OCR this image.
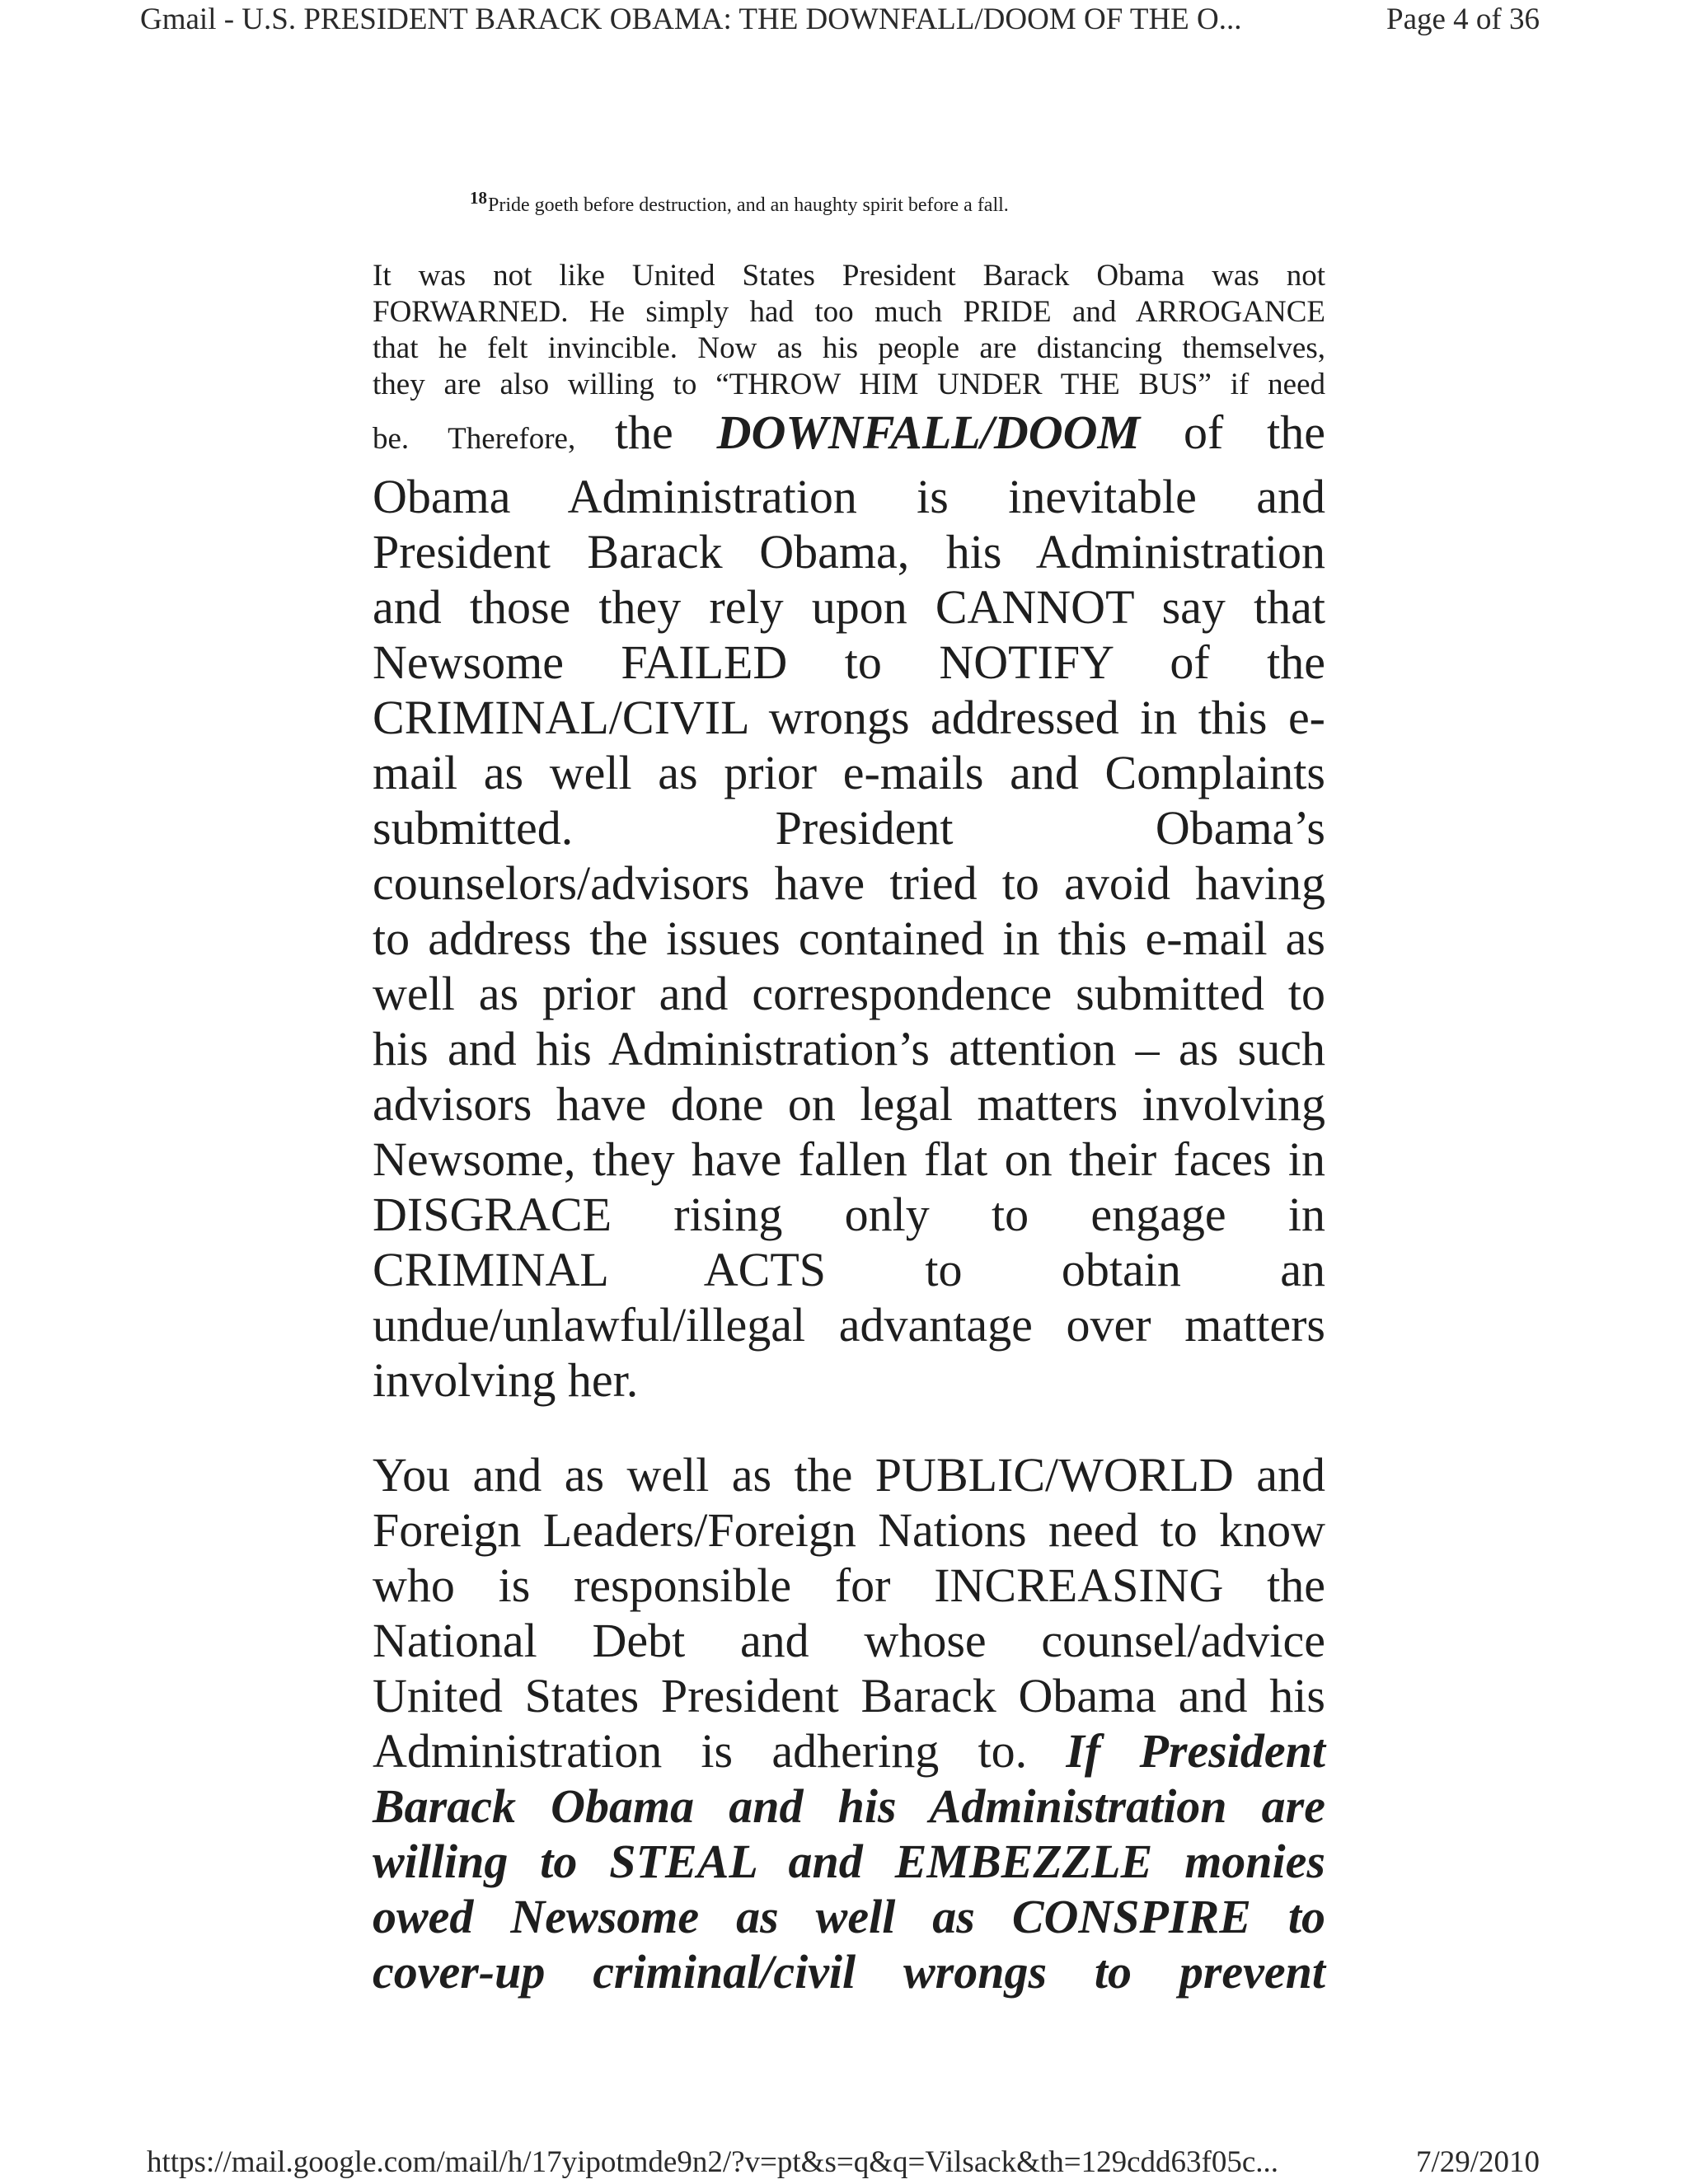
Gmail - U.S. PRESIDENT BARACK OBAMA: THE DOWNFALL/DOOM OF THE O...	Page 4 of 36
$^{18}$Pride goeth before destruction, and an haughty spirit before a fall.
It was not like United States President Barack Obama was not
FORWARNED. He simply had too much PRIDE and ARROGANCE
that he felt invincible. Now as his people are distancing themselves,
they are also willing to “THROW HIM UNDER THE BUS” if need
be. Therefore, the DOWNFALL/DOOM of the
Obama Administration is inevitable and
President Barack Obama, his Administration
and those they rely upon CANNOT say that
Newsome FAILED to NOTIFY of the
CRIMINAL/CIVIL wrongs addressed in this e-
mail as well as prior e-mails and Complaints
submitted. President Obama’s
counselors/advisors have tried to avoid having
to address the issues contained in this e-mail as
well as prior and correspondence submitted to
his and his Administration’s attention – as such
advisors have done on legal matters involving
Newsome, they have fallen flat on their faces in
DISGRACE rising only to engage in
CRIMINAL ACTS to obtain an
undue/unlawful/illegal advantage over matters
involving her.
You and as well as the PUBLIC/WORLD and
Foreign Leaders/Foreign Nations need to know
who is responsible for INCREASING the
National Debt and whose counsel/advice
United States President Barack Obama and his
Administration is adhering to. If President
Barack Obama and his Administration are
willing to STEAL and EMBEZZLE monies
owed Newsome as well as CONSPIRE to
cover-up criminal/civil wrongs to prevent
https://mail.google.com/mail/h/17yipotmde9n2/?v=pt&s=q&q=Vilsack&th=129cdd63f05c...	7/29/2010
